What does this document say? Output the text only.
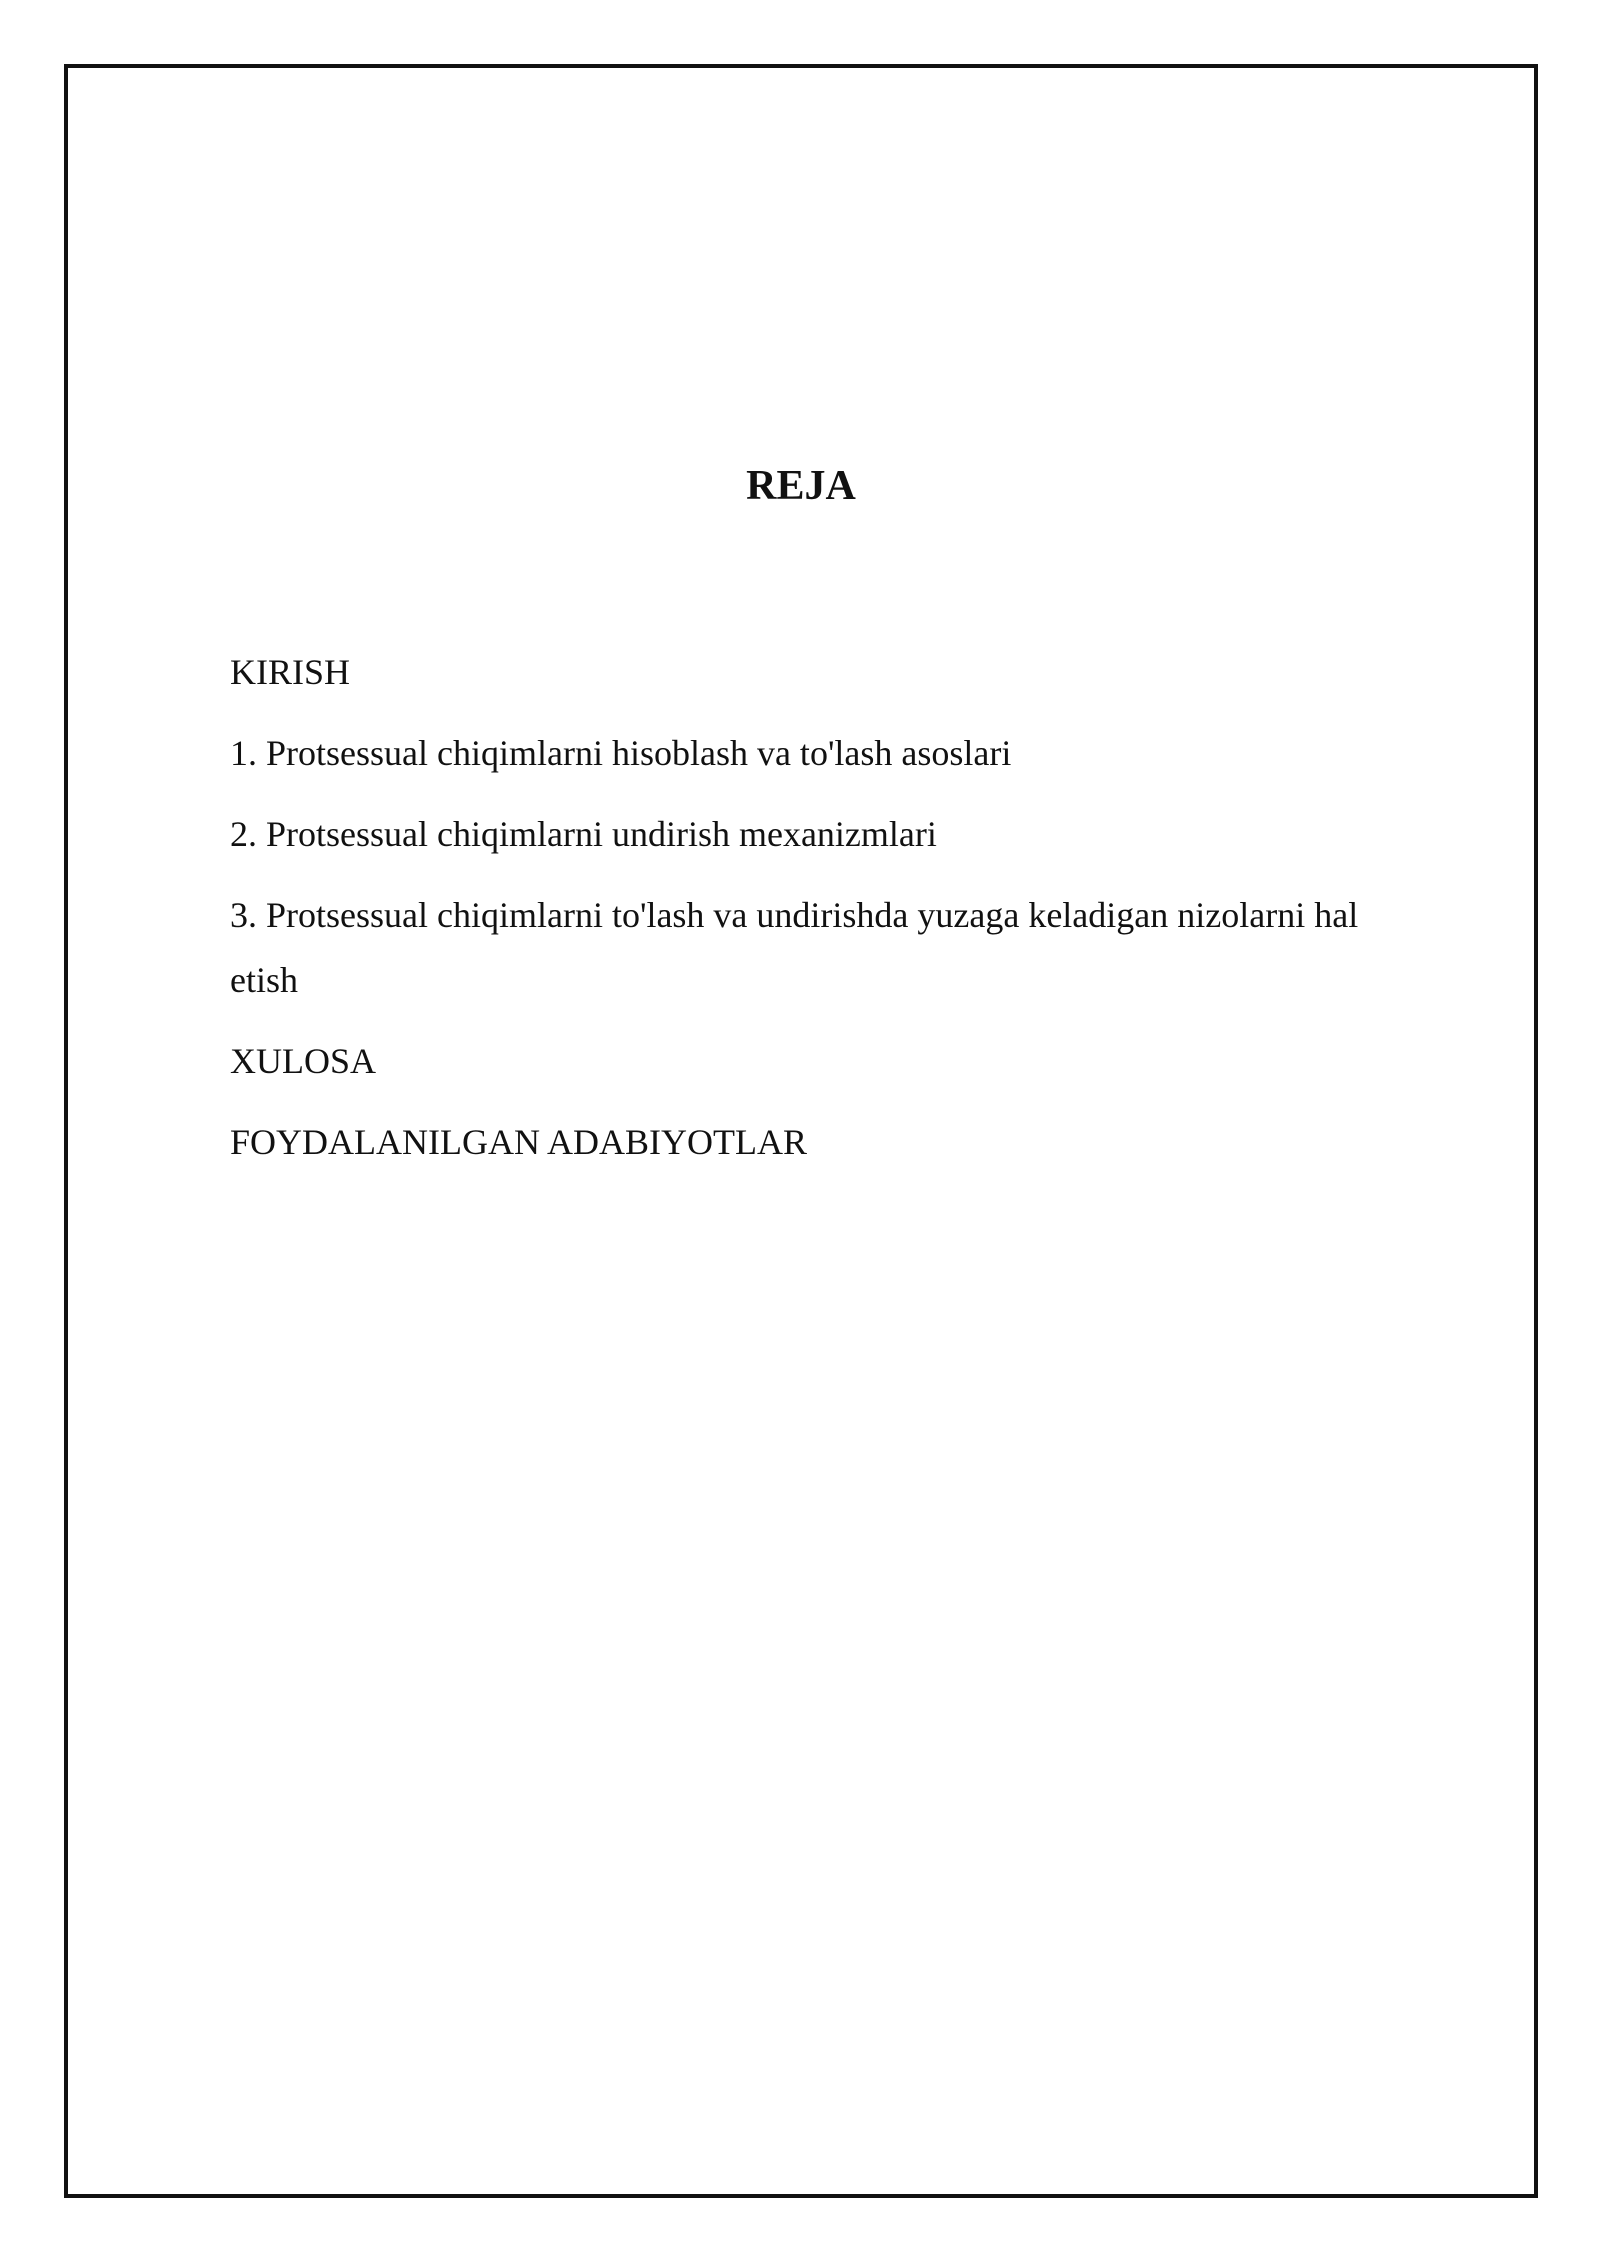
REJA
KIRISH
1. Protsessual chiqimlarni hisoblash va to'lash asoslari
2. Protsessual chiqimlarni undirish mexanizmlari
3. Protsessual chiqimlarni to'lash va undirishda yuzaga keladigan nizolarni hal etish
XULOSA
FOYDALANILGAN ADABIYOTLAR
